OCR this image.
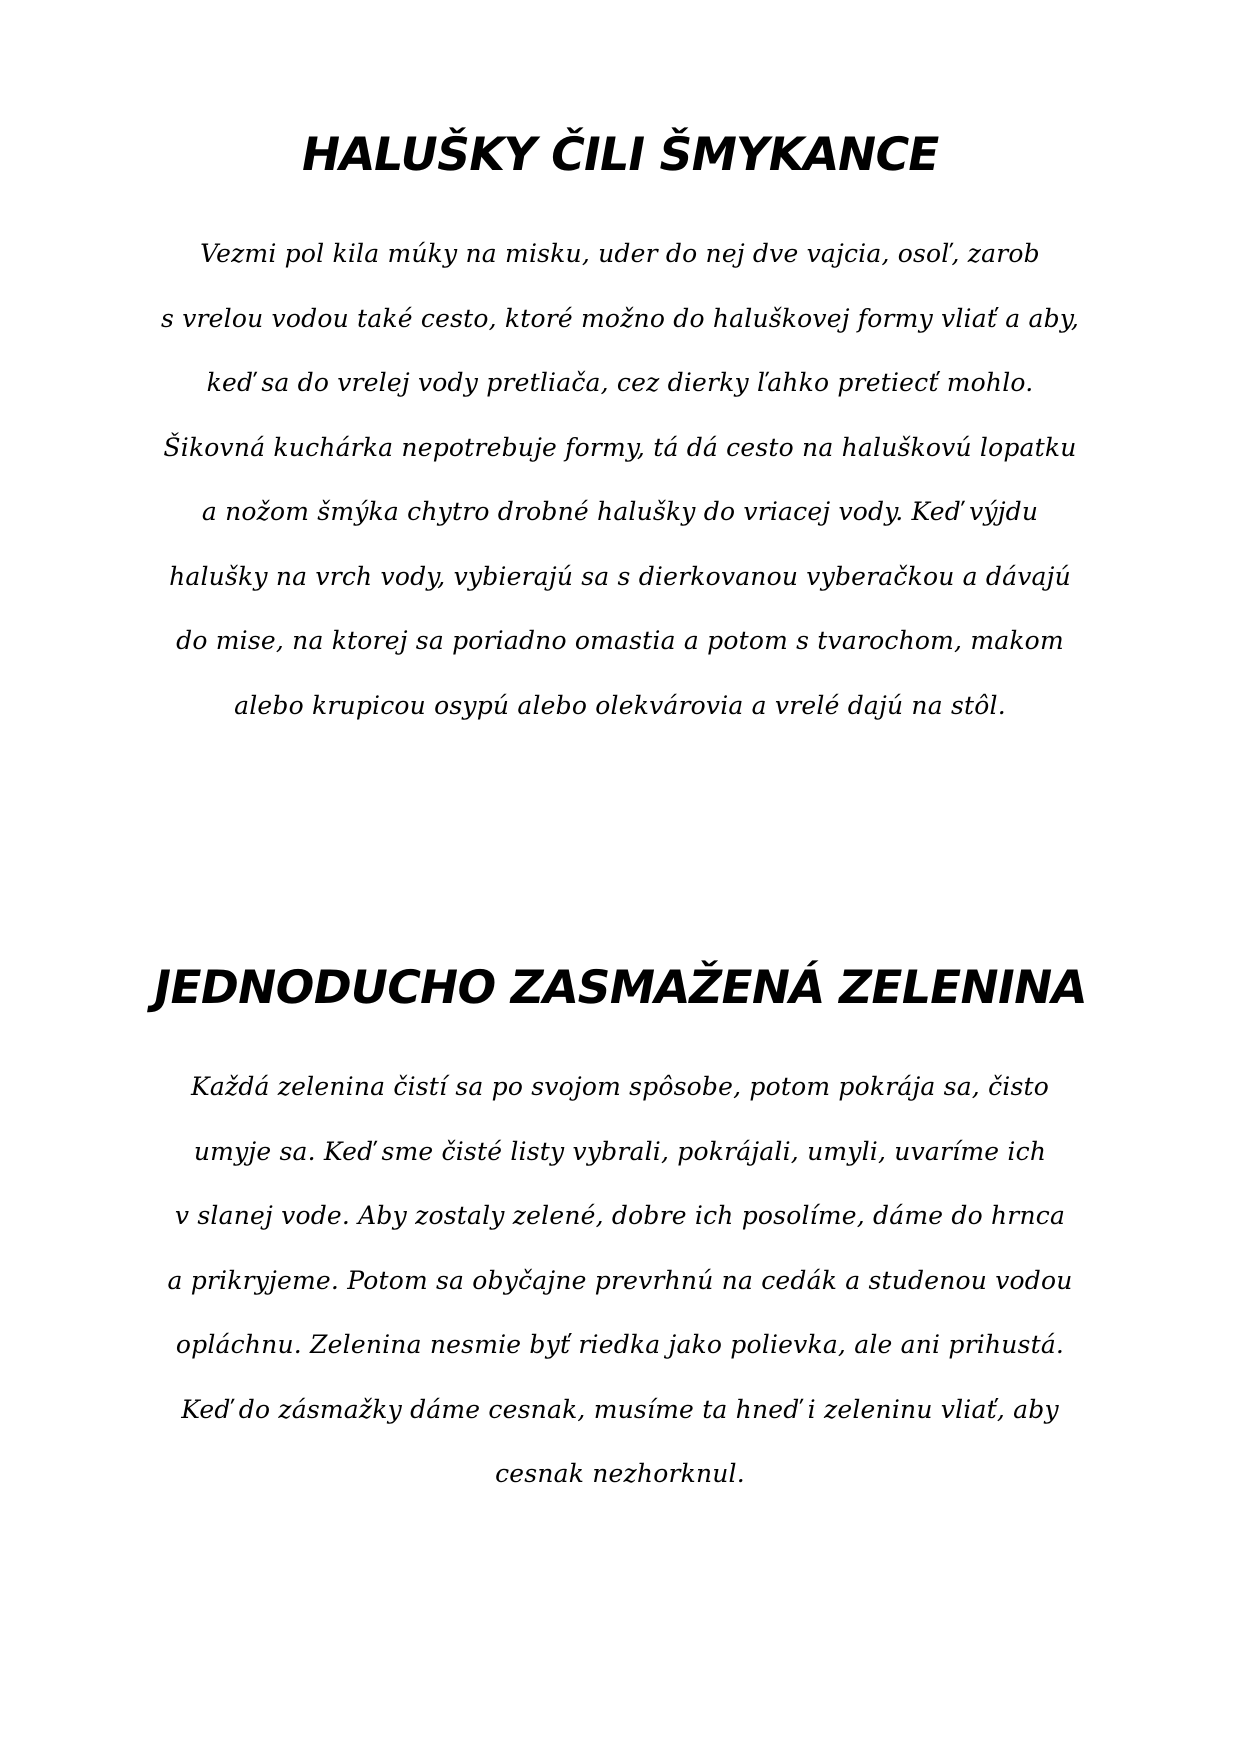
HALUŠKY ČILI ŠMYKANCE

Vezmi pol kila múky na misku, uder do nej dve vajcia, osoľ, zarob
s vrelou vodou také cesto, ktoré možno do haluškovej formy vliať a aby,
keď sa do vrelej vody pretliača, cez dierky ľahko pretiecť mohlo.
Šikovná kuchárka nepotrebuje formy, tá dá cesto na haluškovú lopatku
a nožom šmýka chytro drobné halušky do vriacej vody. Keď výjdu
halušky na vrch vody, vybierajú sa s dierkovanou vyberačkou a dávajú
do mise, na ktorej sa poriadno omastia a potom s tvarochom, makom
alebo krupicou osypú alebo olekvárovia a vrelé dajú na stôl.

JEDNODUCHO ZASMAŽENÁ ZELENINA

Každá zelenina čistí sa po svojom spôsobe, potom pokrája sa, čisto
umyje sa. Keď sme čisté listy vybrali, pokrájali, umyli, uvaríme ich
v slanej vode. Aby zostaly zelené, dobre ich posolíme, dáme do hrnca
a prikryjeme. Potom sa obyčajne prevrhnú na cedák a studenou vodou
opláchnu. Zelenina nesmie byť riedka jako polievka, ale ani prihustá.
Keď do zásmažky dáme cesnak, musíme ta hneď i zeleninu vliať, aby
cesnak nezhorknul.
